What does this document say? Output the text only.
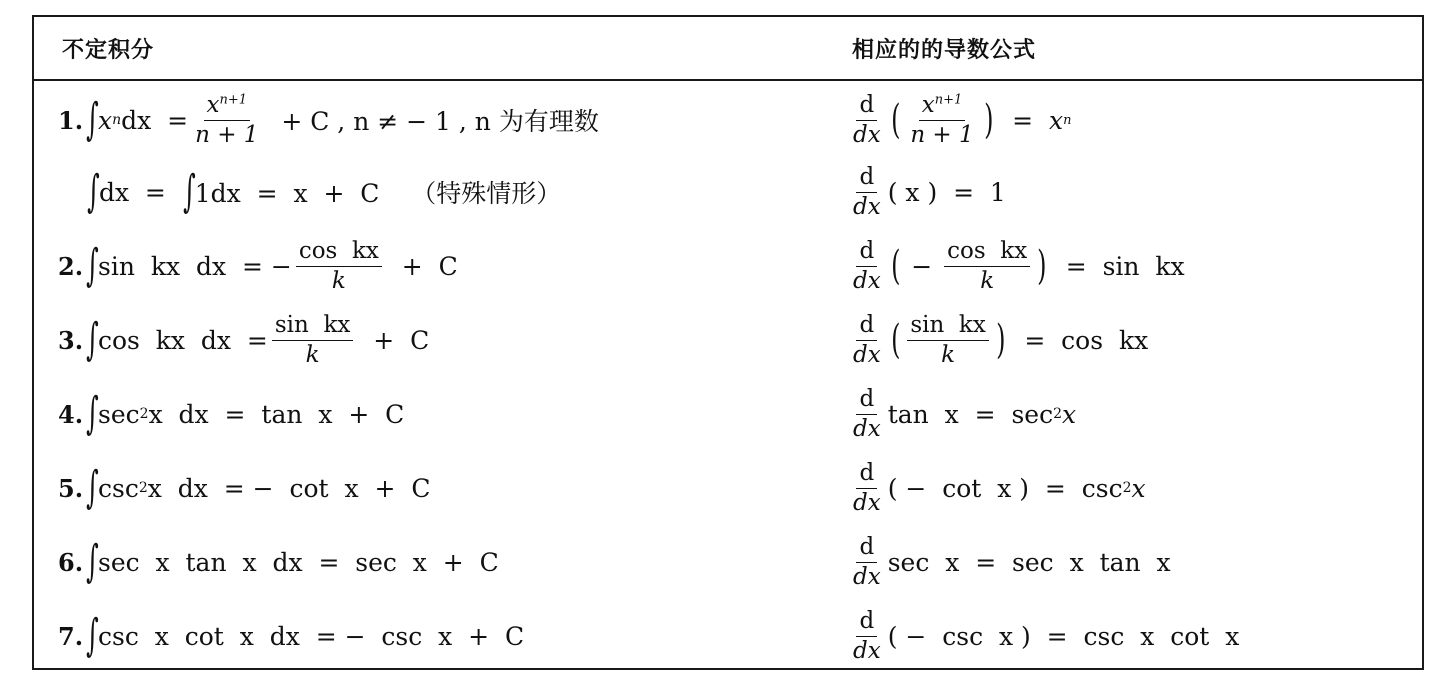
不定积分	相应的的导数公式
1. ∫ x n dx  = $\frac{x^{n+1}}{n + 1} + C$ , n ≠ − 1 , n 为有理数	$\frac{d}{dx}$ ( $\frac{x^{n+1}}{n + 1}$ ) =  x n
∫ dx  = ∫ 1dx  =  x  +  C    （特殊情形）	$\frac{d}{dx}$ ( x )  =  1
2. ∫ sin  kx  dx  = − $\frac{\text{cos  kx}}{k} + C$	$\frac{d}{dx}$ ( − $\frac{\text{cos  kx}}{k}$ ) =  sin  kx
3. ∫ cos  kx  dx  = $\frac{\text{sin  kx}}{k} + C$	$\frac{d}{dx}$ ( $\frac{\text{sin  kx}}{k}$ ) =  cos  kx
4. ∫ sec 2 x  dx  =  tan  x  +  C	$\frac{d}{dx}$ tan  x  =  sec 2 x
5. ∫ csc 2 x  dx  = −  cot  x  +  C	$\frac{d}{dx}$ ( −  cot  x )  =  csc 2 x
6. ∫ sec  x  tan  x  dx  =  sec  x  +  C	$\frac{d}{dx}$ sec  x  =  sec  x  tan  x
7. ∫ csc  x  cot  x  dx  = −  csc  x  +  C	$\frac{d}{dx}$ ( −  csc  x )  =  csc  x  cot  x
